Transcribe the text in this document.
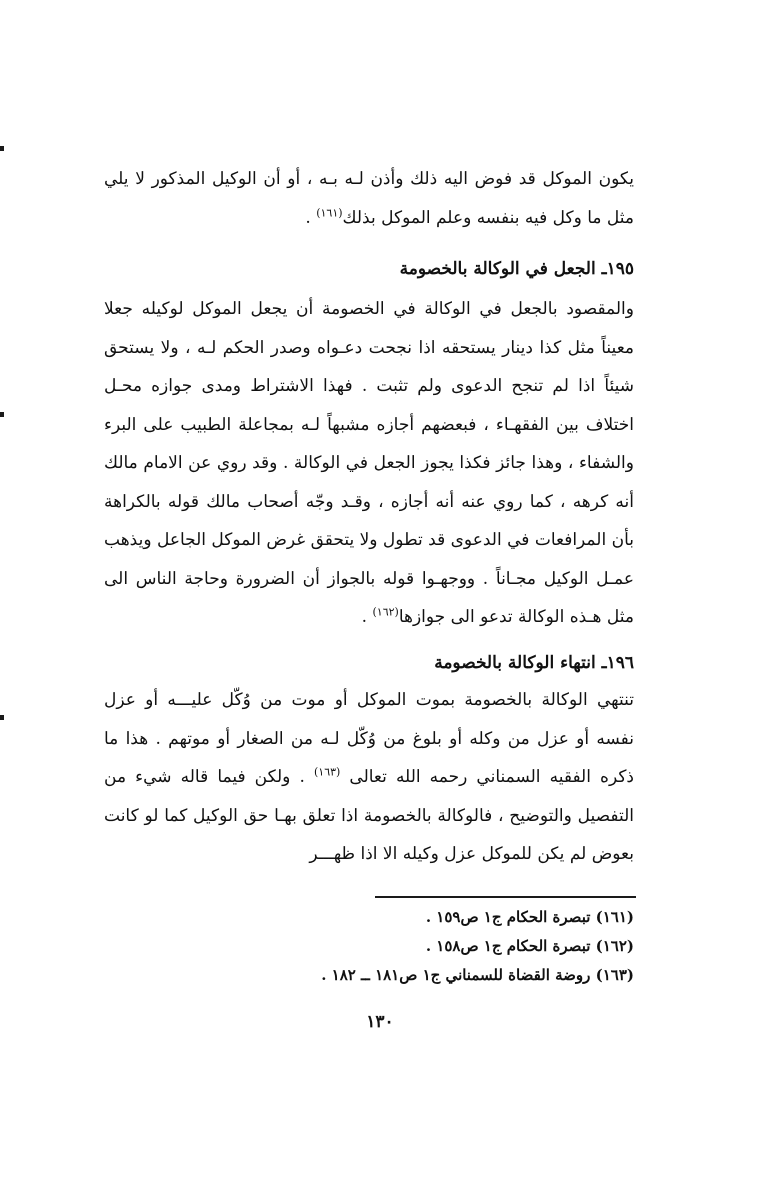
يكون الموكل قد فوض اليه ذلك وأذن لـه بـه ، أو أن الوكيل المذكور لا يلي مثل ما وكل فيه بنفسه وعلم الموكل بذلك$^{(١٦١)}$ .
١٩٥ـ الجعل في الوكالة بالخصومة
والمقصود بالجعل في الوكالة في الخصومة أن يجعل الموكل لوكيله جعلا معيناً مثل كذا دينار يستحقه اذا نجحت دعـواه وصدر الحكم لـه ، ولا يستحق شيئاً اذا لم تنجح الدعوى ولم تثبت . فهذا الاشتراط ومدى جوازه محـل اختلاف بين الفقهـاء ، فبعضهم أجازه مشبهاً لـه بمجاعلة الطبيب على البرء والشفاء ، وهذا جائز فكذا يجوز الجعل في الوكالة . وقد روي عن الامام مالك أنه كرهه ، كما روي عنه أنه أجازه ، وقـد وجّه أصحاب مالك قوله بالكراهة بأن المرافعات في الدعوى قد تطول ولا يتحقق غرض الموكل الجاعل ويذهب عمـل الوكيل مجـاناً . ووجهـوا قوله بالجواز أن الضرورة وحاجة الناس الى مثل هـذه الوكالة تدعو الى جوازها$^{(١٦٢)}$ .
١٩٦ـ انتهاء الوكالة بالخصومة
تنتهي الوكالة بالخصومة بموت الموكل أو موت من وُكّل عليـــه أو عزل نفسه أو عزل من وكله أو بلوغ من وُكّل لـه من الصغار أو موتهم . هذا ما ذكره الفقيه السمناني رحمه الله تعالى $^{(١٦٣)}$ . ولكن فيما قاله شيء من التفصيل والتوضيح ، فالوكالة بالخصومة اذا تعلق بهـا حق الوكيل كما لو كانت بعوض لم يكن للموكل عزل وكيله الا اذا ظهـــر
(١٦١) تبصرة الحكام ج١ ص١٥٩ .
(١٦٢) تبصرة الحكام ج١ ص١٥٨ .
(١٦٣) روضة القضاة للسمناني ج١ ص١٨١ ــ ١٨٢ .
١٣٠
